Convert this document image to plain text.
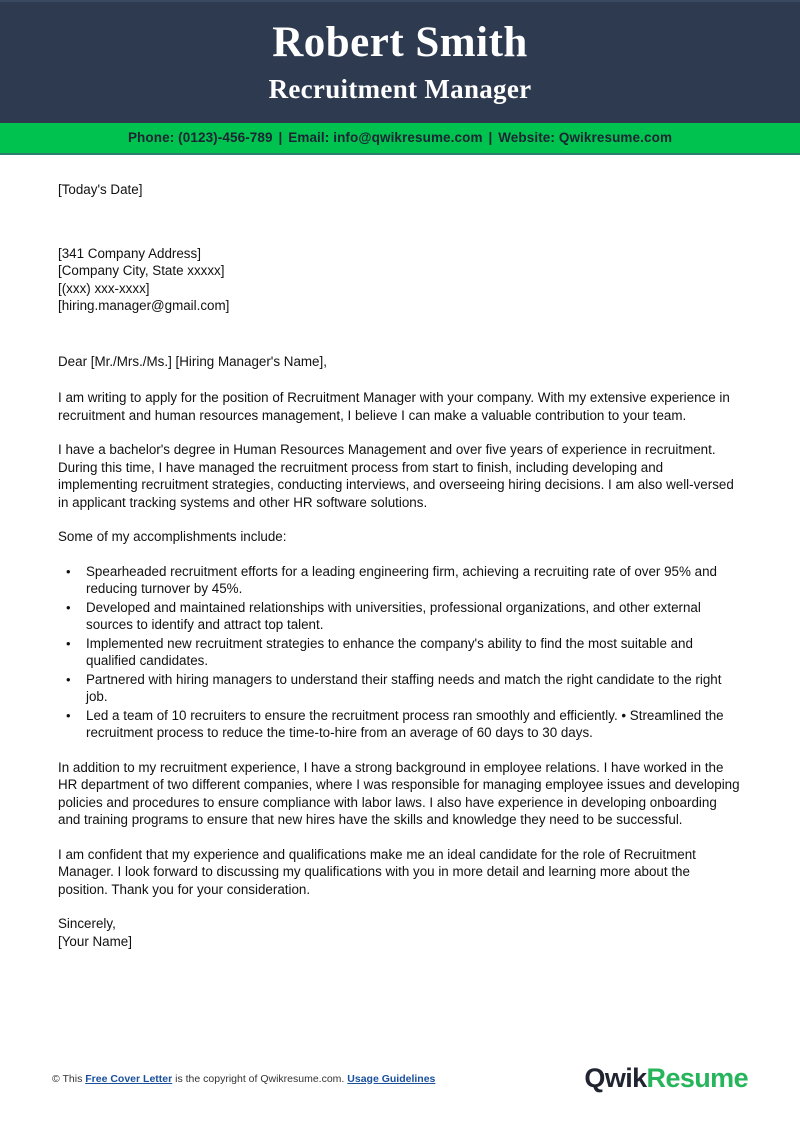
Robert Smith
Recruitment Manager
Phone: (0123)-456-789 | Email: info@qwikresume.com | Website: Qwikresume.com
[Today's Date]
[341 Company Address]
[Company City, State xxxxx]
[(xxx) xxx-xxxx]
[hiring.manager@gmail.com]
Dear [Mr./Mrs./Ms.] [Hiring Manager's Name],

I am writing to apply for the position of Recruitment Manager with your company. With my extensive experience in recruitment and human resources management, I believe I can make a valuable contribution to your team.

I have a bachelor's degree in Human Resources Management and over five years of experience in recruitment. During this time, I have managed the recruitment process from start to finish, including developing and implementing recruitment strategies, conducting interviews, and overseeing hiring decisions. I am also well-versed in applicant tracking systems and other HR software solutions.

Some of my accomplishments include:

• Spearheaded recruitment efforts for a leading engineering firm, achieving a recruiting rate of over 95% and reducing turnover by 45%.
• Developed and maintained relationships with universities, professional organizations, and other external sources to identify and attract top talent.
• Implemented new recruitment strategies to enhance the company's ability to find the most suitable and qualified candidates.
• Partnered with hiring managers to understand their staffing needs and match the right candidate to the right job.
• Led a team of 10 recruiters to ensure the recruitment process ran smoothly and efficiently. • Streamlined the recruitment process to reduce the time-to-hire from an average of 60 days to 30 days.

In addition to my recruitment experience, I have a strong background in employee relations. I have worked in the HR department of two different companies, where I was responsible for managing employee issues and developing policies and procedures to ensure compliance with labor laws. I also have experience in developing onboarding and training programs to ensure that new hires have the skills and knowledge they need to be successful.

I am confident that my experience and qualifications make me an ideal candidate for the role of Recruitment Manager. I look forward to discussing my qualifications with you in more detail and learning more about the position. Thank you for your consideration.

Sincerely,
[Your Name]
© This Free Cover Letter is the copyright of Qwikresume.com. Usage Guidelines	QwikResume
